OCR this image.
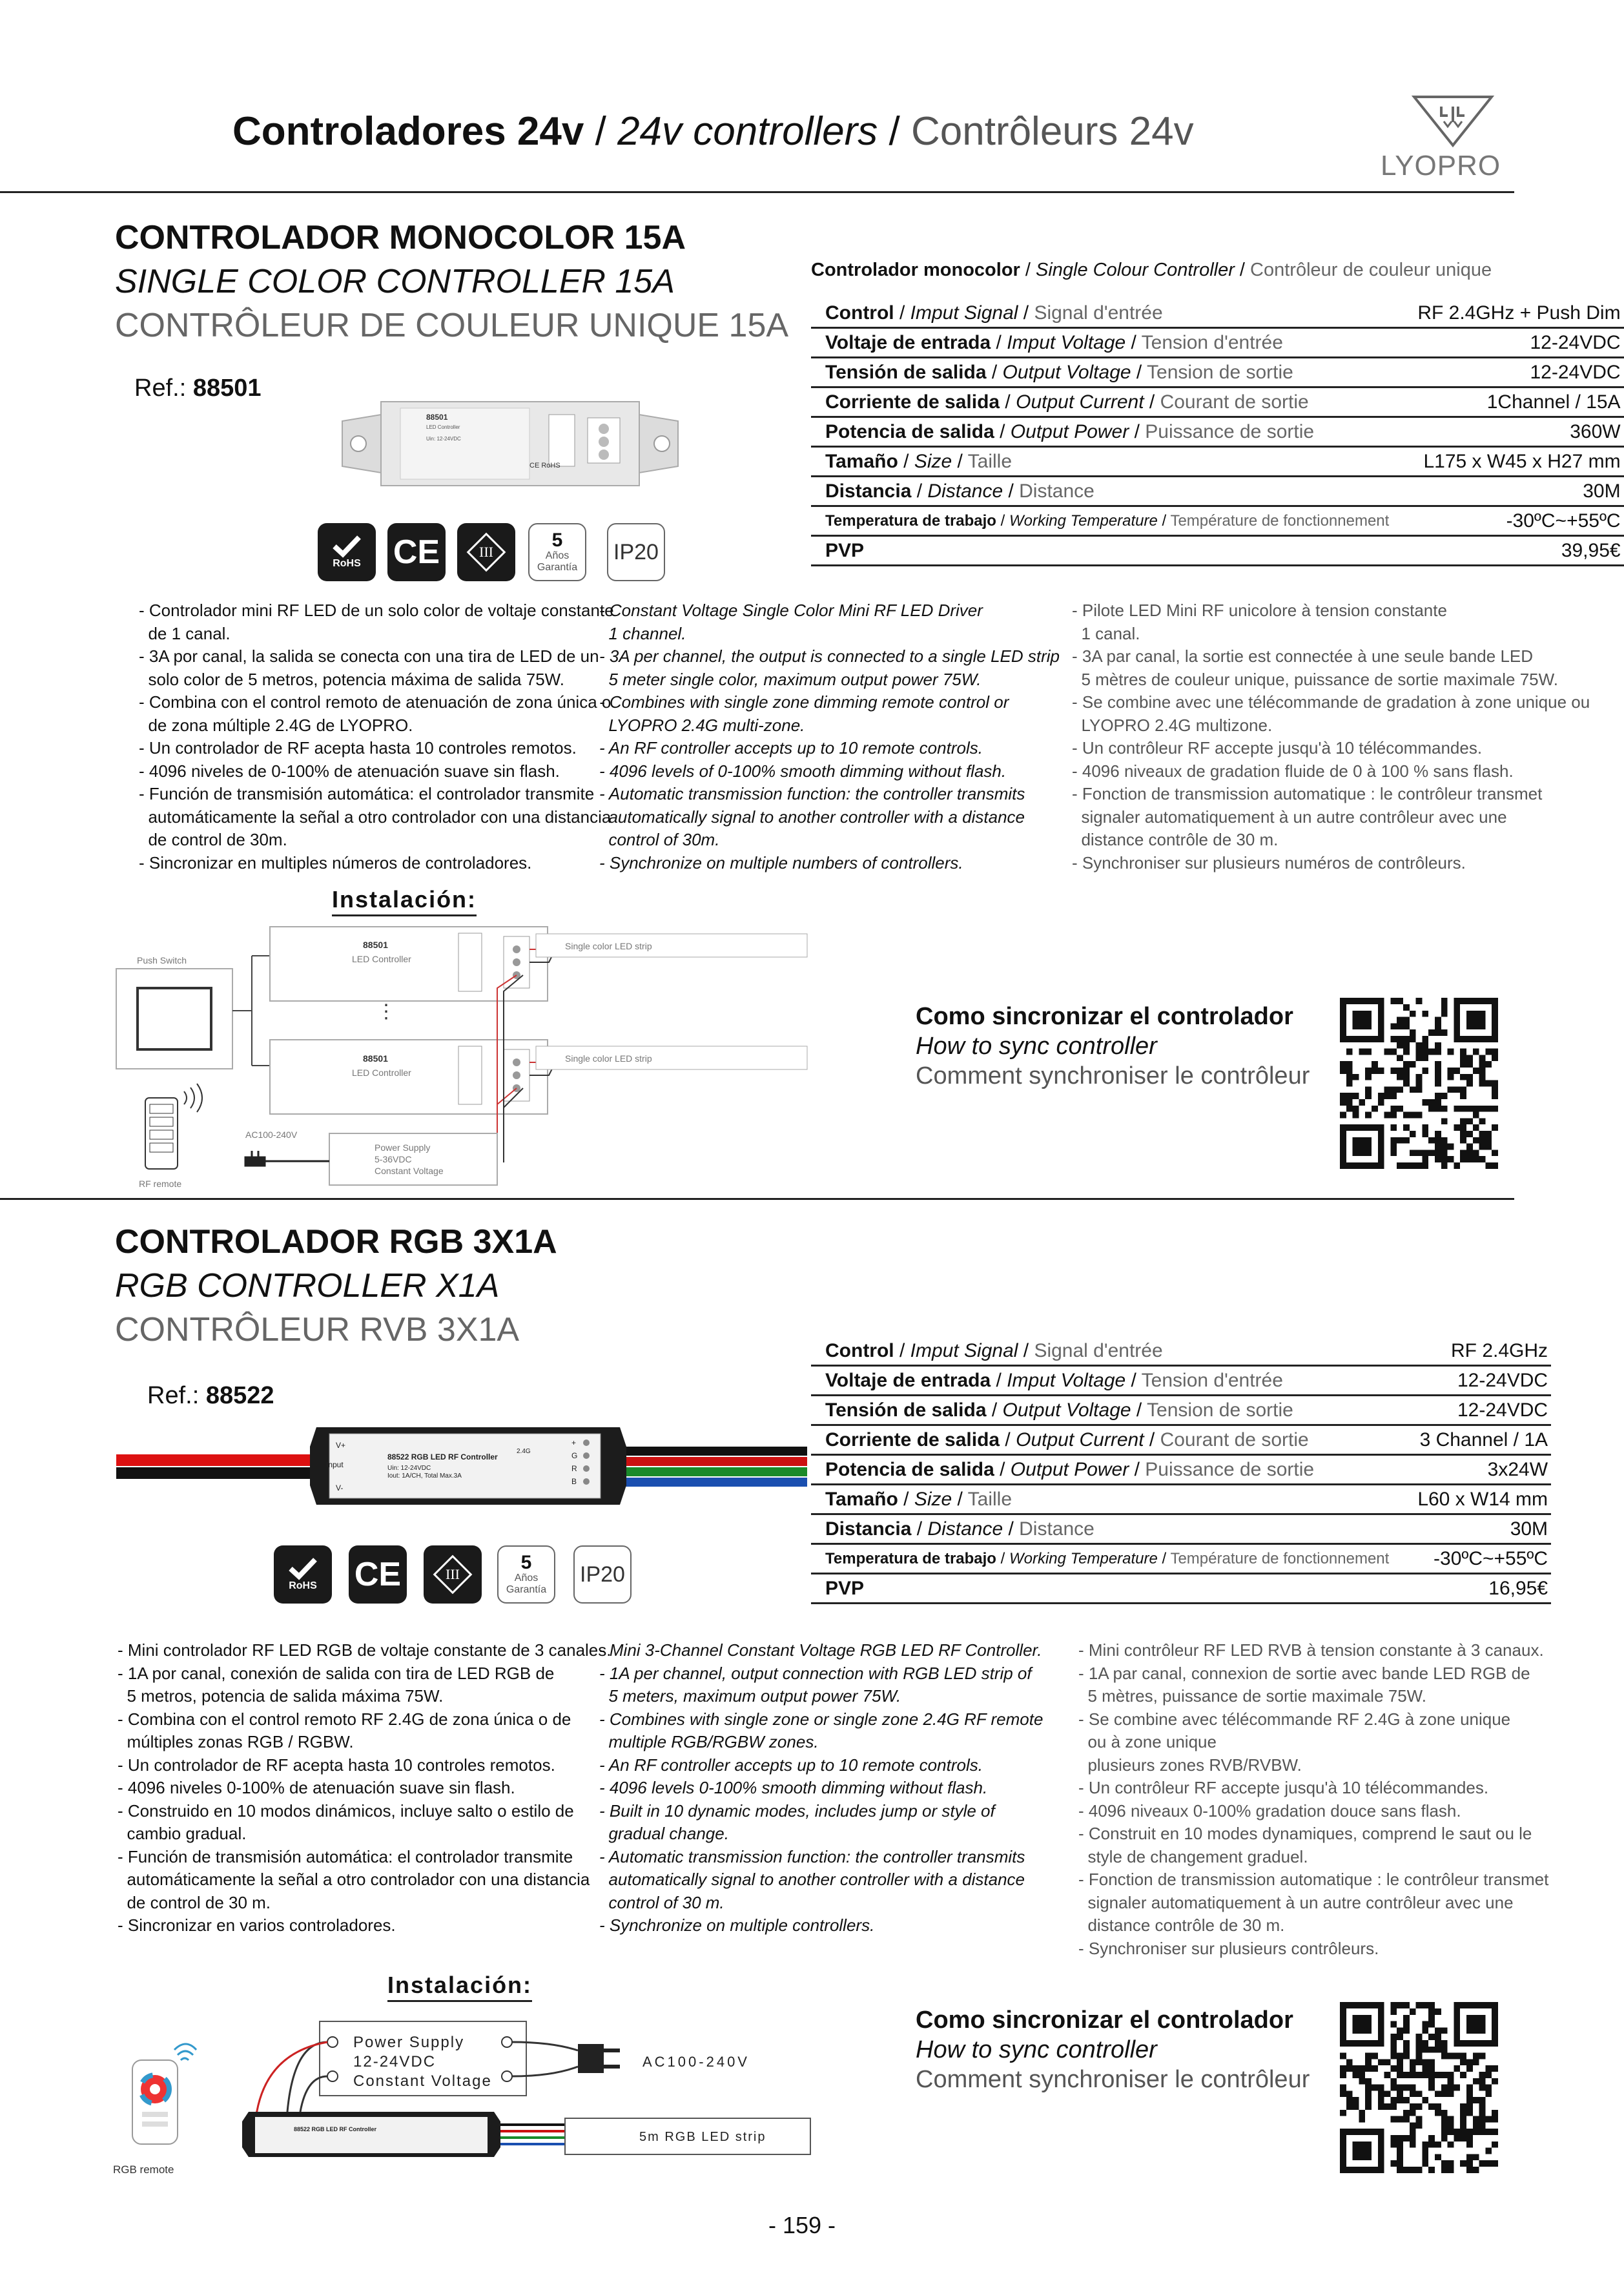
Controladores 24v / 24v controllers / Contrôleurs 24v
LYOPRO
CONTROLADOR MONOCOLOR 15A
SINGLE COLOR CONTROLLER 15A
CONTRÔLEUR DE COULEUR UNIQUE 15A
Ref.: 88501
88501
LED Controller
Uin: 12-24VDC
CE RoHS
RoHS CE	III
5
Años
Garantía
IP20
Controlador monocolor / Single Colour Controller / Contrôleur de couleur unique
Control / Imput Signal / Signal d'entrée	RF 2.4GHz + Push Dim
Voltaje de entrada / Imput Voltage / Tension d'entrée	12-24VDC
Tensión de salida / Output Voltage / Tension de sortie	12-24VDC
Corriente de salida / Output Current / Courant de sortie	1Channel / 15A
Potencia de salida / Output Power / Puissance de sortie	360W
Tamaño / Size / Taille	L175 x W45 x H27 mm
Distancia / Distance / Distance	30M
Temperatura de trabajo / Working Temperature / Température de fonctionnement	-30ºC~+55ºC
PVP	39,95€
- Controlador mini RF LED de un solo color de voltaje constante
de 1 canal.
- 3A por canal, la salida se conecta con una tira de LED de un
solo color de 5 metros, potencia máxima de salida 75W.
- Combina con el control remoto de atenuación de zona única o
de zona múltiple 2.4G de LYOPRO.
- Un controlador de RF acepta hasta 10 controles remotos.
- 4096 niveles de 0-100% de atenuación suave sin flash.
- Función de transmisión automática: el controlador transmite
automáticamente la señal a otro controlador con una distancia
de control de 30m.
- Sincronizar en multiples números de controladores.
- Constant Voltage Single Color Mini RF LED Driver
1 channel.
- 3A per channel, the output is connected to a single LED strip
5 meter single color, maximum output power 75W.
- Combines with single zone dimming remote control or
LYOPRO 2.4G multi-zone.
- An RF controller accepts up to 10 remote controls.
- 4096 levels of 0-100% smooth dimming without flash.
- Automatic transmission function: the controller transmits
automatically signal to another controller with a distance
control of 30m.
- Synchronize on multiple numbers of controllers.
- Pilote LED Mini RF unicolore à tension constante
1 canal.
- 3A par canal, la sortie est connectée à une seule bande LED
5 mètres de couleur unique, puissance de sortie maximale 75W.
- Se combine avec une télécommande de gradation à zone unique ou
LYOPRO 2.4G multizone.
- Un contrôleur RF accepte jusqu'à 10 télécommandes.
- 4096 niveaux de gradation fluide de 0 à 100 % sans flash.
- Fonction de transmission automatique : le contrôleur transmet
signaler automatiquement à un autre contrôleur avec une
distance contrôle de 30 m.
- Synchroniser sur plusieurs numéros de contrôleurs.
Instalación:
Push Switch
88501
LED Controller
88501
LED Controller
⋮
Single color LED strip
Single color LED strip
Power Supply
5-36VDC
Constant Voltage
AC100-240V
RF remote
Como sincronizar el controlador
How to sync controller
Comment synchroniser le contrôleur
CONTROLADOR RGB 3X1A
RGB CONTROLLER X1A
CONTRÔLEUR RVB 3X1A
Ref.: 88522
V+
Input
V-
88522 RGB LED RF Controller
Uin: 12-24VDC
Iout: 1A/CH, Total Max.3A
2.4G
+
G
R
B
RoHS CE	III
5
Años
Garantía
IP20
Control / Imput Signal / Signal d'entrée	RF 2.4GHz
Voltaje de entrada / Imput Voltage / Tension d'entrée	12-24VDC
Tensión de salida / Output Voltage / Tension de sortie	12-24VDC
Corriente de salida / Output Current / Courant de sortie	3 Channel / 1A
Potencia de salida / Output Power / Puissance de sortie	3x24W
Tamaño / Size / Taille	L60 x W14 mm
Distancia / Distance / Distance	30M
Temperatura de trabajo / Working Temperature / Température de fonctionnement	-30ºC~+55ºC
PVP	16,95€
- Mini controlador RF LED RGB de voltaje constante de 3 canales.
- 1A por canal, conexión de salida con tira de LED RGB de
5 metros, potencia de salida máxima 75W.
- Combina con el control remoto RF 2.4G de zona única o de
múltiples zonas RGB / RGBW.
- Un controlador de RF acepta hasta 10 controles remotos.
- 4096 niveles 0-100% de atenuación suave sin flash.
- Construido en 10 modos dinámicos, incluye salto o estilo de
cambio gradual.
- Función de transmisión automática: el controlador transmite
automáticamente la señal a otro controlador con una distancia
de control de 30 m.
- Sincronizar en varios controladores.
- Mini 3-Channel Constant Voltage RGB LED RF Controller.
- 1A per channel, output connection with RGB LED strip of
5 meters, maximum output power 75W.
- Combines with single zone or single zone 2.4G RF remote
multiple RGB/RGBW zones.
- An RF controller accepts up to 10 remote controls.
- 4096 levels 0-100% smooth dimming without flash.
- Built in 10 dynamic modes, includes jump or style of
gradual change.
- Automatic transmission function: the controller transmits
automatically signal to another controller with a distance
control of 30 m.
- Synchronize on multiple controllers.
- Mini contrôleur RF LED RVB à tension constante à 3 canaux.
- 1A par canal, connexion de sortie avec bande LED RGB de
5 mètres, puissance de sortie maximale 75W.
- Se combine avec télécommande RF 2.4G à zone unique
ou à zone unique
plusieurs zones RVB/RVBW.
- Un contrôleur RF accepte jusqu'à 10 télécommandes.
- 4096 niveaux 0-100% gradation douce sans flash.
- Construit en 10 modes dynamiques, comprend le saut ou le
style de changement graduel.
- Fonction de transmission automatique : le contrôleur transmet
signaler automatiquement à un autre contrôleur avec une
distance contrôle de 30 m.
- Synchroniser sur plusieurs contrôleurs.
Instalación:
Power Supply
12-24VDC
Constant Voltage
AC100-240V
88522 RGB LED RF Controller
5m RGB LED strip
RGB remote
Como sincronizar el controlador
How to sync controller
Comment synchroniser le contrôleur
- 159 -
